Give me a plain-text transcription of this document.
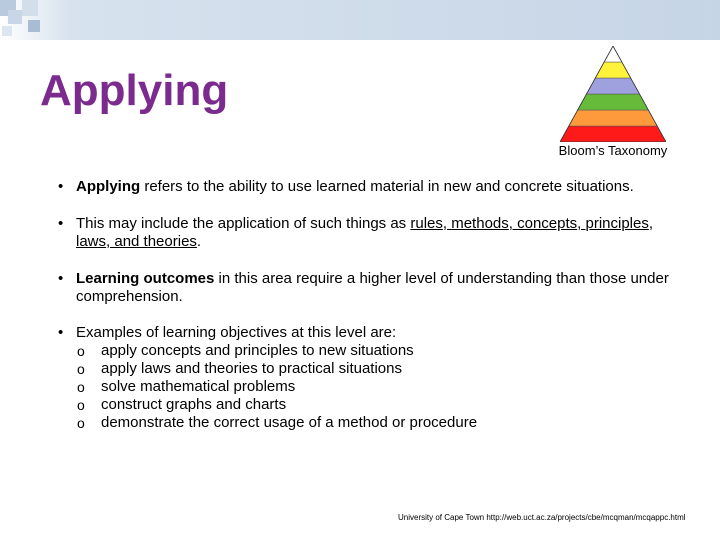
Applying
Bloom’s Taxonomy
• Applying refers to the ability to use learned material in new and concrete situations.
• This may include the application of such things as rules, methods, concepts, principles, laws, and theories.
• Learning outcomes in this area require a higher level of understanding than those under comprehension.
• Examples of learning objectives at this level are:
o apply concepts and principles to new situations
o apply laws and theories to practical situations
o solve mathematical problems
o construct graphs and charts
o demonstrate the correct usage of a method or procedure
University of Cape Town http://web.uct.ac.za/projects/cbe/mcqman/mcqappc.html
